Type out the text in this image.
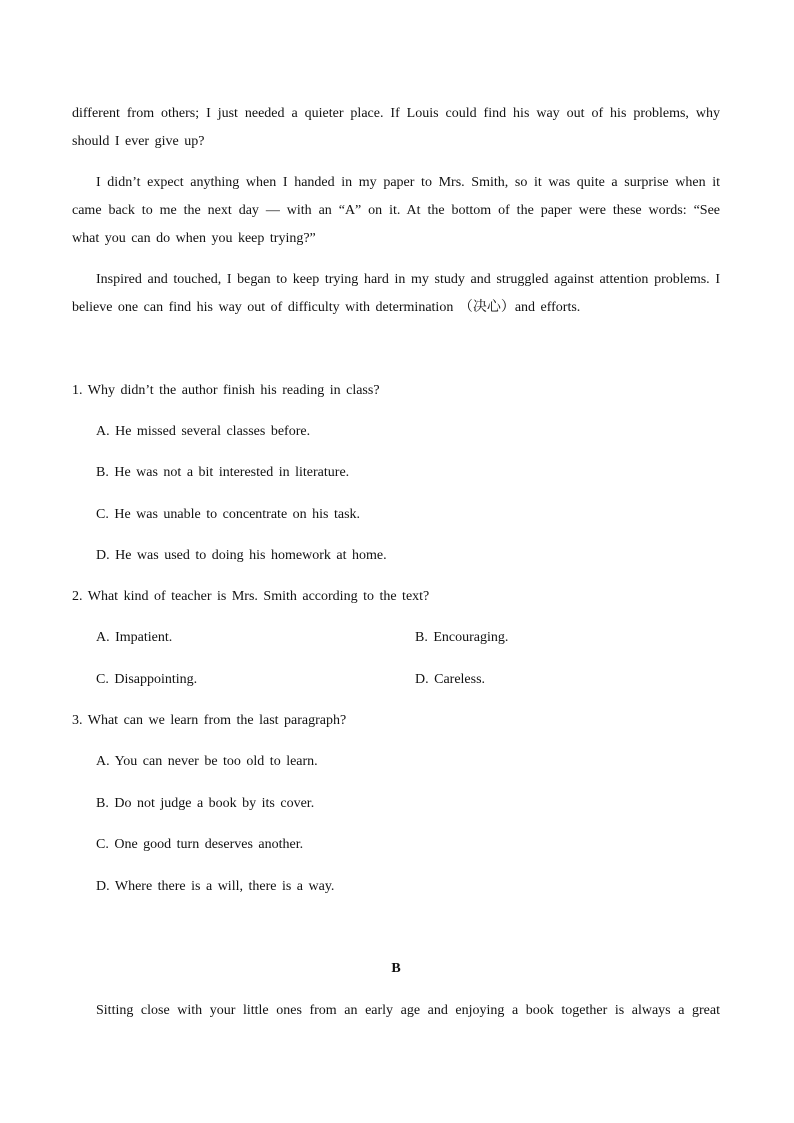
different from others; I just needed a quieter place. If Louis could find his way out of his problems, why should I ever give up?

I didn’t expect anything when I handed in my paper to Mrs. Smith, so it was quite a surprise when it came back to me the next day — with an “A” on it. At the bottom of the paper were these words: “See what you can do when you keep trying?”

Inspired and touched, I began to keep trying hard in my study and struggled against attention problems. I believe one can find his way out of difficulty with determination （决心）and efforts.

1. Why didn’t the author finish his reading in class?

A. He missed several classes before.

B. He was not a bit interested in literature.

C. He was unable to concentrate on his task.

D. He was used to doing his homework at home.

2. What kind of teacher is Mrs. Smith according to the text?

A. Impatient.	B. Encouraging.

C. Disappointing.	D. Careless.

3. What can we learn from the last paragraph?

A. You can never be too old to learn.

B. Do not judge a book by its cover.

C. One good turn deserves another.

D. Where there is a will, there is a way.

B

Sitting close with your little ones from an early age and enjoying a book together is always a great
